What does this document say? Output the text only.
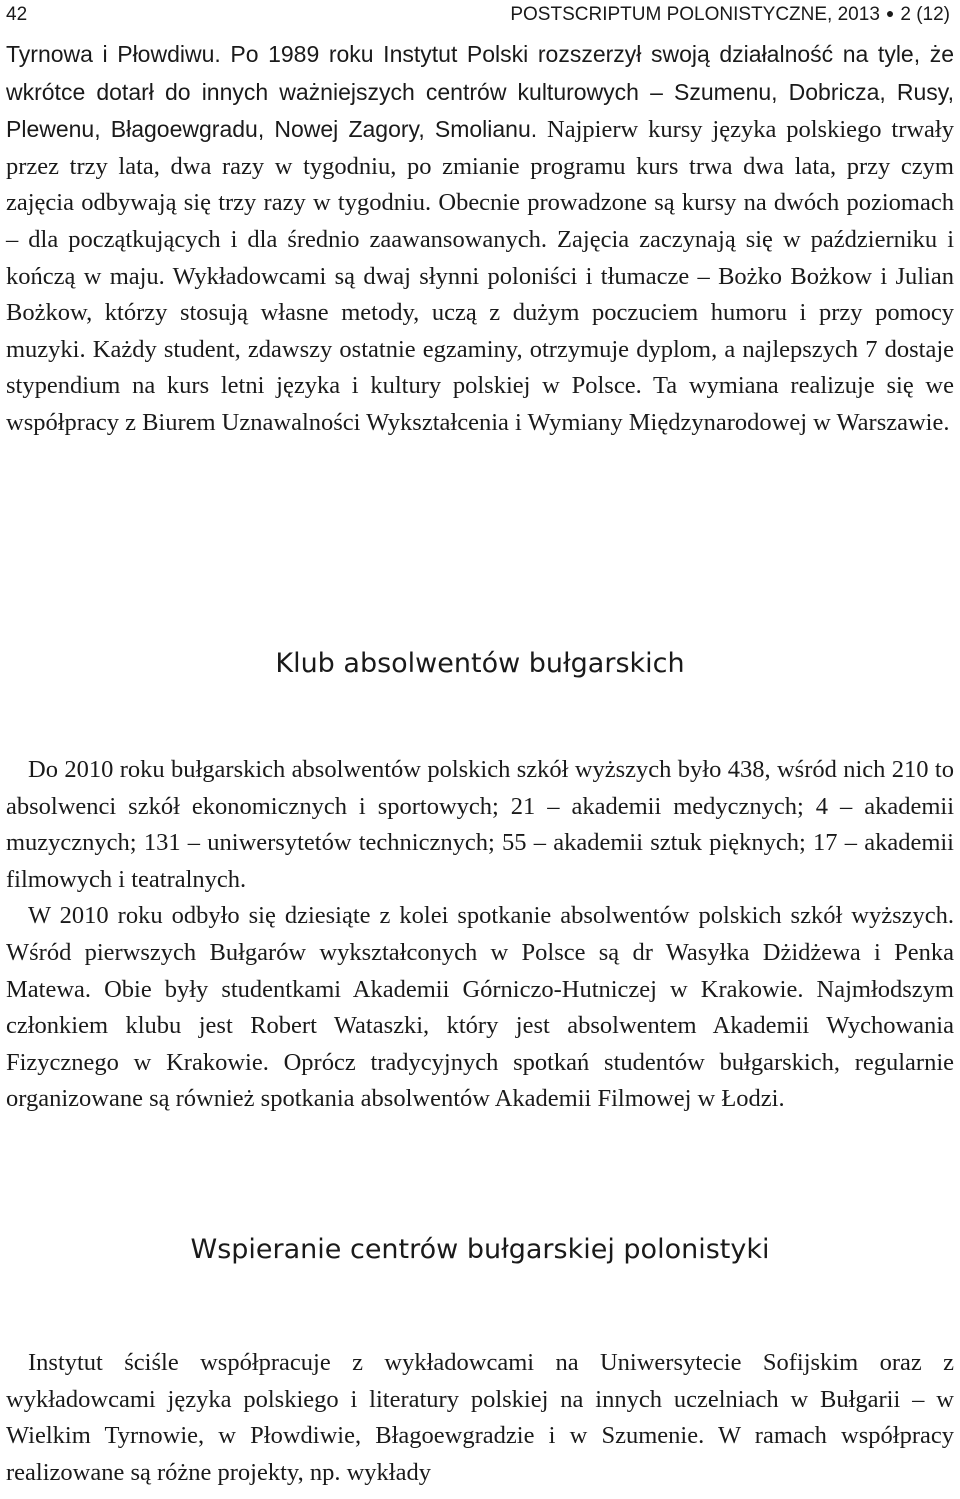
42	POSTSCRIPTUM POLONISTYCZNE, 2013 ● 2 (12)

Tyrnowa i Płowdiwu. Po 1989 roku Instytut Polski rozszerzył swoją działalność na tyle, że wkrótce dotarł do innych ważniejszych centrów kulturowych – Szumenu, Dobricza, Rusy, Plewenu, Błagoewgradu, Nowej Zagory, Smolianu. Najpierw kursy języka polskiego trwały przez trzy lata, dwa razy w tygodniu, po zmianie programu kurs trwa dwa lata, przy czym zajęcia odbywają się trzy razy w tygodniu. Obecnie prowadzone są kursy na dwóch poziomach – dla początkujących i dla średnio zaawansowanych. Zajęcia zaczynają się w październiku i kończą w maju. Wykładowcami są dwaj słynni poloniści i tłumacze – Bożko Bożkow i Julian Bożkow, którzy stosują własne metody, uczą z dużym poczuciem humoru i przy pomocy muzyki. Każdy student, zdawszy ostatnie egzaminy, otrzymuje dyplom, a najlepszych 7 dostaje stypendium na kurs letni języka i kultury polskiej w Polsce. Ta wymiana realizuje się we współpracy z Biurem Uznawalności Wykształcenia i Wymiany Międzynarodowej w Warszawie.

Klub absolwentów bułgarskich

Do 2010 roku bułgarskich absolwentów polskich szkół wyższych było 438, wśród nich 210 to absolwenci szkół ekonomicznych i sportowych; 21 – akademii medycznych; 4 – akademii muzycznych; 131 – uniwersytetów technicznych; 55 – akademii sztuk pięknych; 17 – akademii filmowych i teatralnych.

W 2010 roku odbyło się dziesiąte z kolei spotkanie absolwentów polskich szkół wyższych. Wśród pierwszych Bułgarów wykształconych w Polsce są dr Wasyłka Dżidżewa i Penka Matewa. Obie były studentkami Akademii Górniczo-Hutniczej w Krakowie. Najmłodszym członkiem klubu jest Robert Wataszki, który jest absolwentem Akademii Wychowania Fizycznego w Krakowie. Oprócz tradycyjnych spotkań studentów bułgarskich, regularnie organizowane są również spotkania absolwentów Akademii Filmowej w Łodzi.

Wspieranie centrów bułgarskiej polonistyki

Instytut ściśle współpracuje z wykładowcami na Uniwersytecie Sofijskim oraz z wykładowcami języka polskiego i literatury polskiej na innych uczelniach w Bułgarii – w Wielkim Tyrnowie, w Płowdiwie, Błagoewgradzie i w Szumenie. W ramach współpracy realizowane są różne projekty, np. wykłady
